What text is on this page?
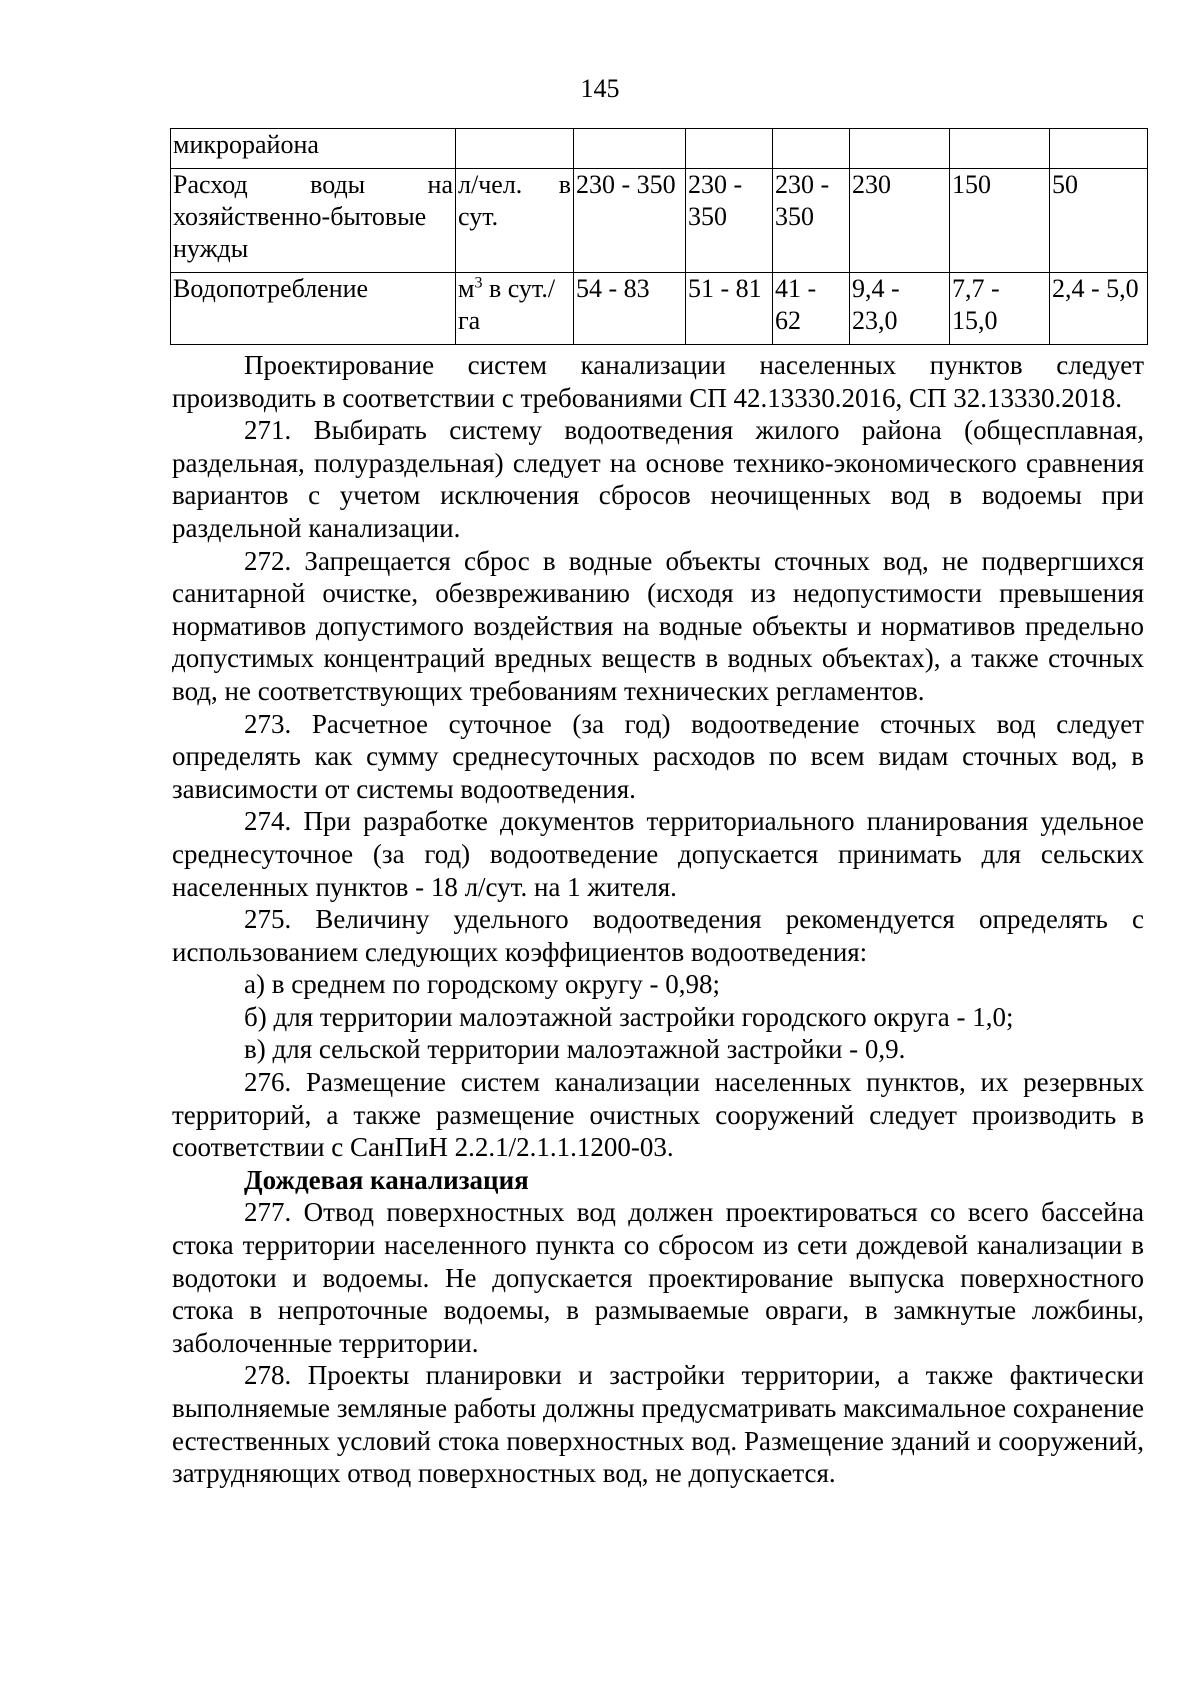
145
микрорайона							
Расход воды на хозяйственно-бытовые нужды	л/чел. в сут.	230 - 350	230 - 350	230 - 350	230	150	50
Водопотребление	$м^3$ в сут./га	54 - 83	51 - 81	41 - 62	9,4 - 23,0	7,7 - 15,0	2,4 - 5,0

Проектирование систем канализации населенных пунктов следует производить в соответствии с требованиями СП 42.13330.2016, СП 32.13330.2018.

271. Выбирать систему водоотведения жилого района (общесплавная, раздельная, полураздельная) следует на основе технико-экономического сравнения вариантов с учетом исключения сбросов неочищенных вод в водоемы при раздельной канализации.

272. Запрещается сброс в водные объекты сточных вод, не подвергшихся санитарной очистке, обезвреживанию (исходя из недопустимости превышения нормативов допустимого воздействия на водные объекты и нормативов предельно допустимых концентраций вредных веществ в водных объектах), а также сточных вод, не соответствующих требованиям технических регламентов.

273. Расчетное суточное (за год) водоотведение сточных вод следует определять как сумму среднесуточных расходов по всем видам сточных вод, в зависимости от системы водоотведения.

274. При разработке документов территориального планирования удельное среднесуточное (за год) водоотведение допускается принимать для сельских населенных пунктов - 18 л/сут. на 1 жителя.

275. Величину удельного водоотведения рекомендуется определять с использованием следующих коэффициентов водоотведения:

а) в среднем по городскому округу - 0,98;

б) для территории малоэтажной застройки городского округа - 1,0;

в) для сельской территории малоэтажной застройки - 0,9.

276. Размещение систем канализации населенных пунктов, их резервных территорий, а также размещение очистных сооружений следует производить в соответствии с СанПиН 2.2.1/2.1.1.1200-03.

Дождевая канализация

277. Отвод поверхностных вод должен проектироваться со всего бассейна стока территории населенного пункта со сбросом из сети дождевой канализации в водотоки и водоемы. Не допускается проектирование выпуска поверхностного стока в непроточные водоемы, в размываемые овраги, в замкнутые ложбины, заболоченные территории.

278. Проекты планировки и застройки территории, а также фактически выполняемые земляные работы должны предусматривать максимальное сохранение естественных условий стока поверхностных вод. Размещение зданий и сооружений, затрудняющих отвод поверхностных вод, не допускается.
